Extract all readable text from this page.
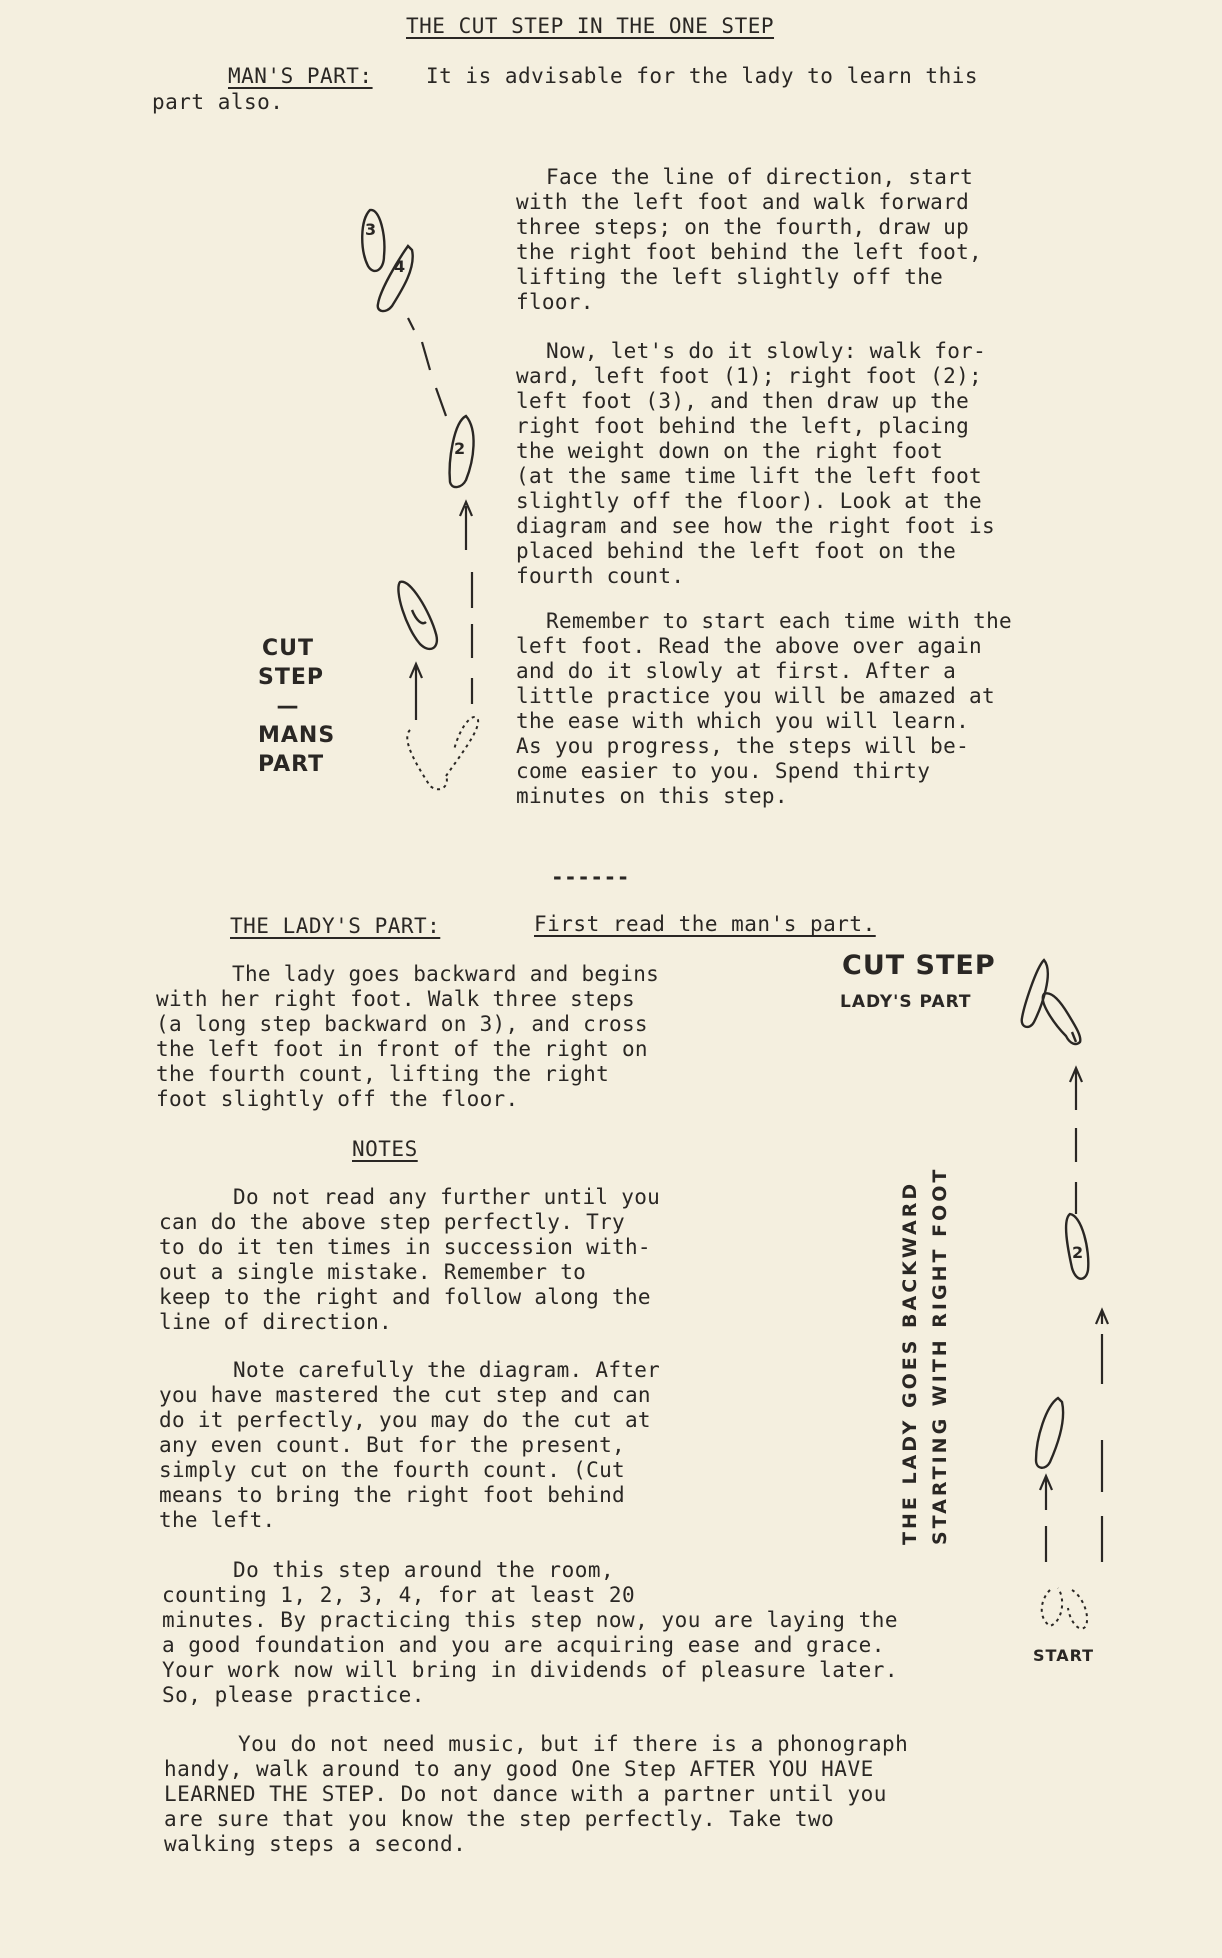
THE CUT STEP IN THE ONE STEP
MAN'S PART:	It is advisable for the lady to learn this
part also.
Face the line of direction, start
with the left foot and walk forward
three steps; on the fourth, draw up
the right foot behind the left foot,
lifting the left slightly off the
floor.
Now, let's do it slowly: walk for-
ward, left foot (1); right foot (2);
left foot (3), and then draw up the
right foot behind the left, placing
the weight down on the right foot
(at the same time lift the left foot
slightly off the floor). Look at the
diagram and see how the right foot is
placed behind the left foot on the
fourth count.
Remember to start each time with the
left foot. Read the above over again
and do it slowly at first. After a
little practice you will be amazed at
the ease with which you will learn.
As you progress, the steps will be-
come easier to you. Spend thirty
minutes on this step.
CUT
STEP
—
MANS
PART
3
4
2
------
THE LADY'S PART:	First read the man's part.
The lady goes backward and begins
with her right foot. Walk three steps
(a long step backward on 3), and cross
the left foot in front of the right on
the fourth count, lifting the right
foot slightly off the floor.
NOTES
Do not read any further until you
can do the above step perfectly. Try
to do it ten times in succession with-
out a single mistake. Remember to
keep to the right and follow along the
line of direction.
Note carefully the diagram. After
you have mastered the cut step and can
do it perfectly, you may do the cut at
any even count. But for the present,
simply cut on the fourth count. (Cut
means to bring the right foot behind
the left.
Do this step around the room,
counting 1, 2, 3, 4, for at least 20
minutes. By practicing this step now, you are laying the
a good foundation and you are acquiring ease and grace.
Your work now will bring in dividends of pleasure later.
So, please practice.
You do not need music, but if there is a phonograph
handy, walk around to any good One Step AFTER YOU HAVE
LEARNED THE STEP. Do not dance with a partner until you
are sure that you know the step perfectly. Take two
walking steps a second.
CUT STEP
LADY'S PART
THE LADY GOES BACKWARD STARTING WITH RIGHT FOOT
START
2
